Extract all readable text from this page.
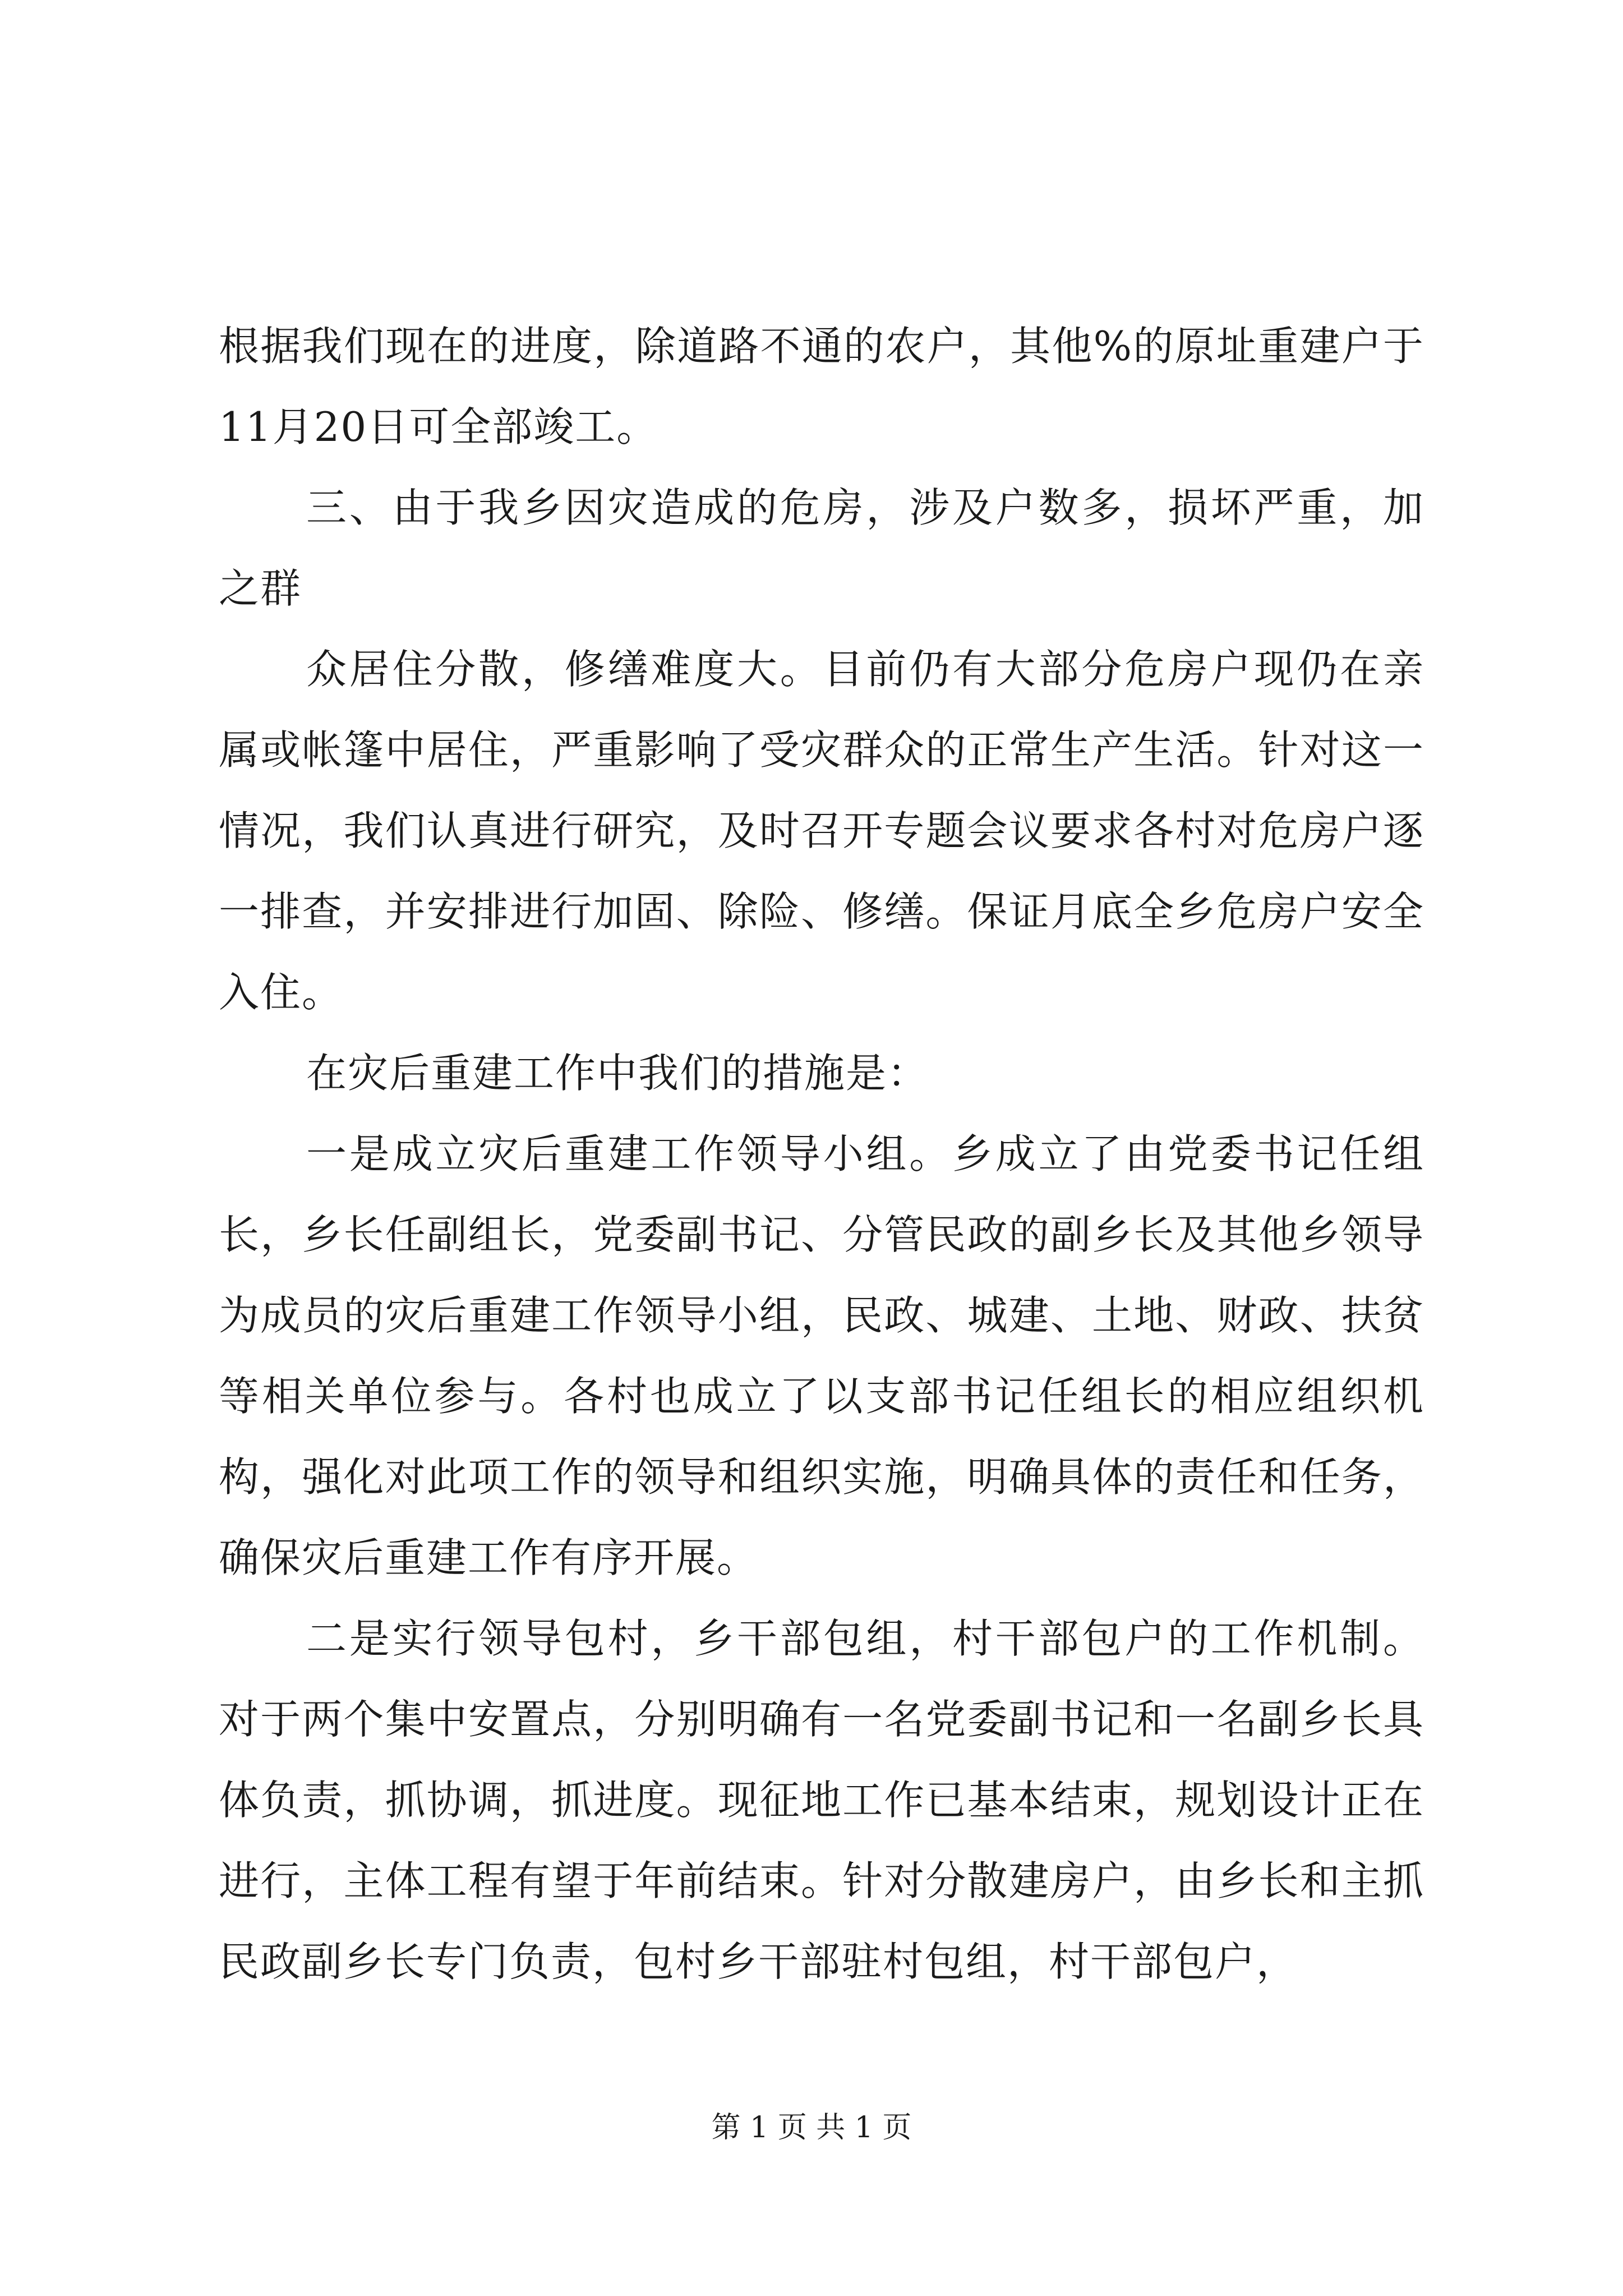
根据我们现在的进度，除道路不通的农户，其他%的原址重建户于11月20日可全部竣工。

三、由于我乡因灾造成的危房，涉及户数多，损坏严重，加之群

众居住分散，修缮难度大。目前仍有大部分危房户现仍在亲属或帐篷中居住，严重影响了受灾群众的正常生产生活。针对这一情况，我们认真进行研究，及时召开专题会议要求各村对危房户逐一排查，并安排进行加固、除险、修缮。保证月底全乡危房户安全入住。

在灾后重建工作中我们的措施是：

一是成立灾后重建工作领导小组。乡成立了由党委书记任组长，乡长任副组长，党委副书记、分管民政的副乡长及其他乡领导为成员的灾后重建工作领导小组，民政、城建、土地、财政、扶贫等相关单位参与。各村也成立了以支部书记任组长的相应组织机构，强化对此项工作的领导和组织实施，明确具体的责任和任务，确保灾后重建工作有序开展。

二是实行领导包村，乡干部包组，村干部包户的工作机制。对于两个集中安置点，分别明确有一名党委副书记和一名副乡长具体负责，抓协调，抓进度。现征地工作已基本结束，规划设计正在进行，主体工程有望于年前结束。针对分散建房户，由乡长和主抓民政副乡长专门负责，包村乡干部驻村包组，村干部包户，

第 1 页 共 1 页
